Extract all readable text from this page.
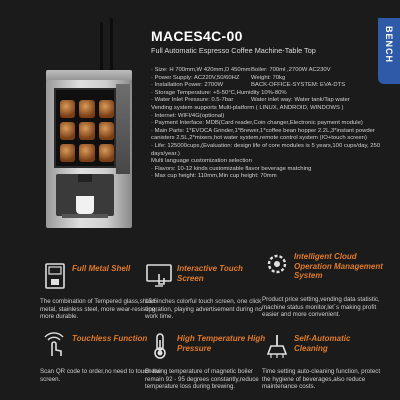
MACES4C-00
Full Automatic Espresso Coffee Machine-Table Top	BENCH
· Size: H 700mm,W 420mm,D 450mm Boiler: 700ml ,2700W AC230V
· Power Supply: AC220V,50/60HZ	Weight: 70kg
· Installation Power: 2700W	BACK-OFFICE-SYSTEM: EVA-DTS
· Storage Temperature: +5-50°C,Humidity 10%-80%
· Water Inlet Pressure: 0.5-7bar	Water inlet way: Water tank/Tap water
Vending system supports Multi-platform ( LINUX, ANDROID, WINDOWS )
· Internet: WIFI/4G(optional)
· Payment Interface: MDB(Card reader,Coin changer,Electronic payment module)
· Main Parts: 1*EVOCA Grinder,1*Brewer,1*coffee bean hopper 2.2L,3*instant powder canisters 2.5L,2*mixers,hot water system,remote control system (IO+touch screen)
· Life: 125000cups,(Evaluation: design life of core modules is 5 years,100 cups/day, 250 days/year.)
Multi language customization selection
· Flavors: 10-12 kinds customizable flavor beverage matching
· Max cup height: 110mm,Min cup height: 70mm
Full Metal Shell
The combination of Tempered glass,sheet metal, stainless steel, more wear-resisting, more durable.
Interactive Touch Screen
15.6inches colorful touch screen, one click operation, playing advertisement during no work time.
Intelligent Cloud Operation Management System
Product price setting,vending data statistic, machine status monitor,let`s making profit easier and more convenient.
Touchless Function
Scan QR code to order,no need to touch the screen.
High Temperature High Pressure
Brewing temperature of magnetic boiler remain 92 - 95 degrees constantly,reduce temperature loss during brewing.
Self-Automatic Cleaning
Time setting auto-cleaning function, protect the hygiene of beverages,also reduce maintenance costs.
